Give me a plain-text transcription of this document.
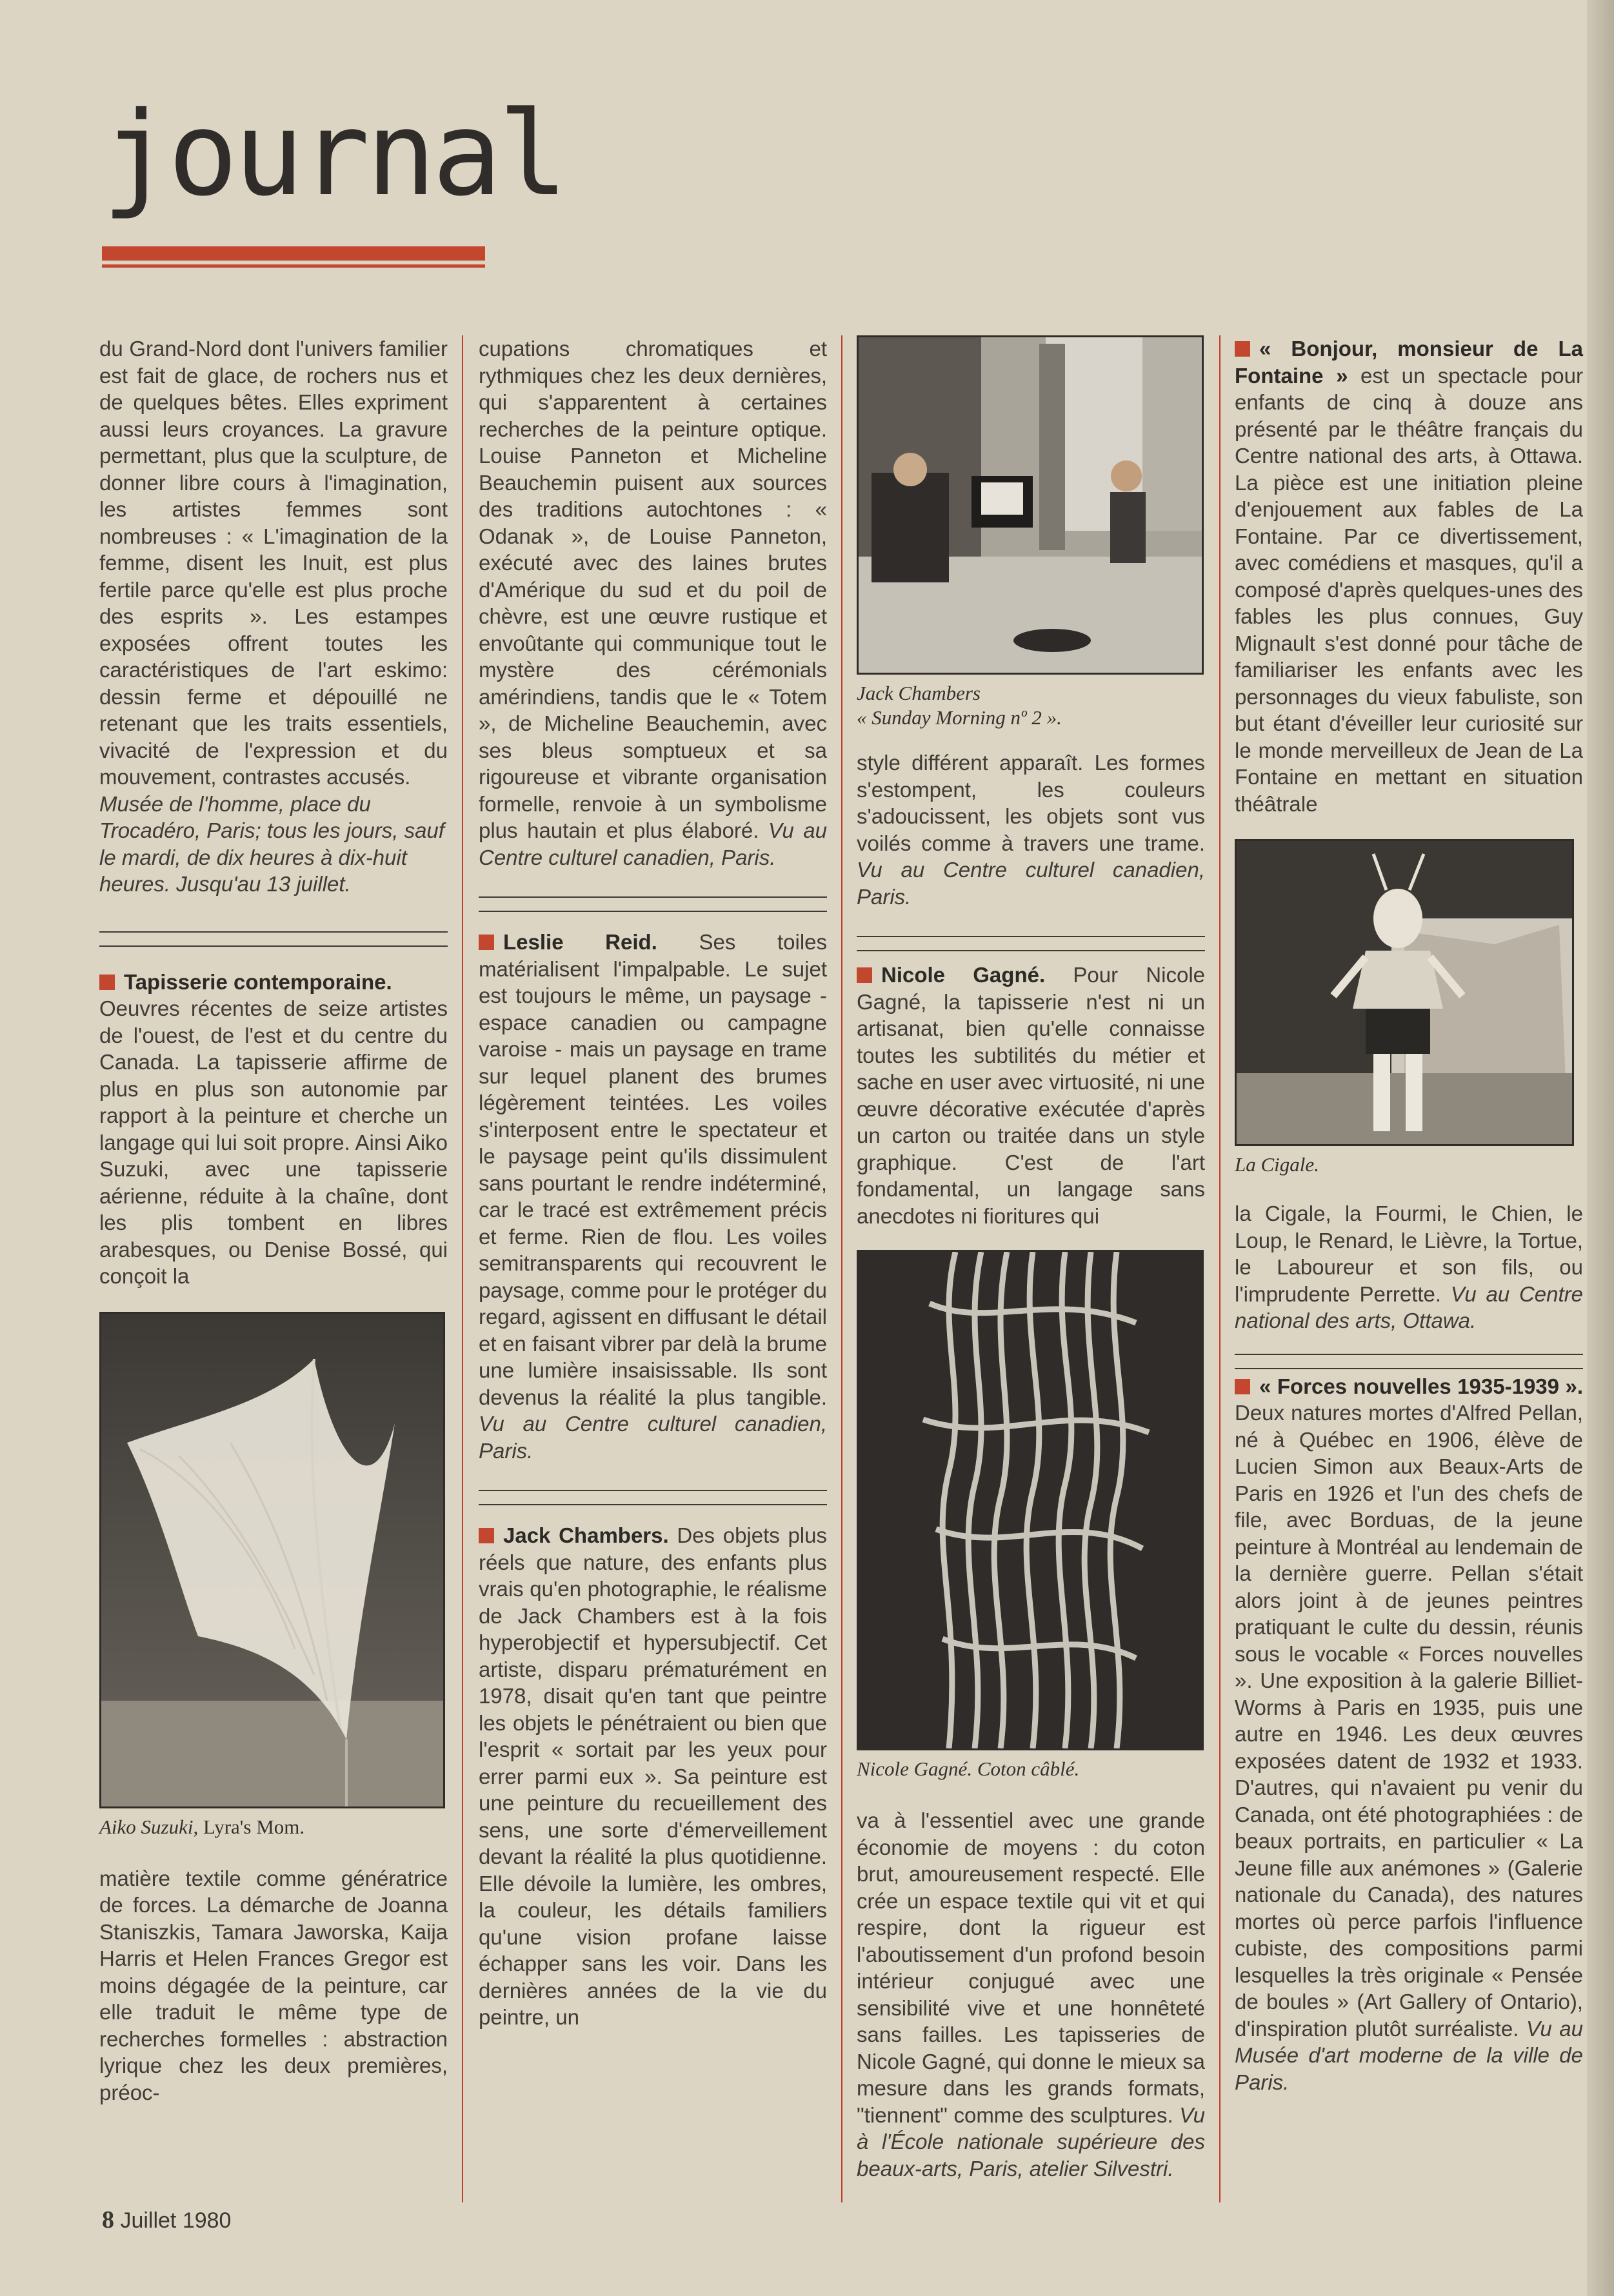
journal

du Grand-Nord dont l'univers familier est fait de glace, de rochers nus et de quelques bêtes. Elles expriment aussi leurs croyances. La gravure permettant, plus que la sculpture, de donner libre cours à l'imagination, les artistes femmes sont nombreuses : « L'imagination de la femme, disent les Inuit, est plus fertile parce qu'elle est plus proche des esprits ». Les estampes exposées offrent toutes les caractéristiques de l'art eskimo: dessin ferme et dépouillé ne retenant que les traits essentiels, vivacité de l'expression et du mouvement, contrastes accusés.

Musée de l'homme, place du Trocadéro, Paris; tous les jours, sauf le mardi, de dix heures à dix-huit heures. Jusqu'au 13 juillet.

Tapisserie contemporaine.
Oeuvres récentes de seize artistes de l'ouest, de l'est et du centre du Canada. La tapisserie affirme de plus en plus son autonomie par rapport à la peinture et cherche un langage qui lui soit propre. Ainsi Aiko Suzuki, avec une tapisserie aérienne, réduite à la chaîne, dont les plis tombent en libres arabesques, ou Denise Bossé, qui conçoit la

Aiko Suzuki, Lyra's Mom.

matière textile comme génératrice de forces. La démarche de Joanna Staniszkis, Tamara Jaworska, Kaija Harris et Helen Frances Gregor est moins dégagée de la peinture, car elle traduit le même type de recherches formelles : abstraction lyrique chez les deux premières, préoc-

cupations chromatiques et rythmiques chez les deux dernières, qui s'apparentent à certaines recherches de la peinture optique. Louise Panneton et Micheline Beauchemin puisent aux sources des traditions autochtones : « Odanak », de Louise Panneton, exécuté avec des laines brutes d'Amérique du sud et du poil de chèvre, est une œuvre rustique et envoûtante qui communique tout le mystère des cérémonials amérindiens, tandis que le « Totem », de Micheline Beauchemin, avec ses bleus somptueux et sa rigoureuse et vibrante organisation formelle, renvoie à un symbolisme plus hautain et plus élaboré. Vu au Centre culturel canadien, Paris.

Leslie Reid. Ses toiles matérialisent l'impalpable. Le sujet est toujours le même, un paysage - espace canadien ou campagne varoise - mais un paysage en trame sur lequel planent des brumes légèrement teintées. Les voiles s'interposent entre le spectateur et le paysage peint qu'ils dissimulent sans pourtant le rendre indéterminé, car le tracé est extrêmement précis et ferme. Rien de flou. Les voiles semitransparents qui recouvrent le paysage, comme pour le protéger du regard, agissent en diffusant le détail et en faisant vibrer par delà la brume une lumière insaisissable. Ils sont devenus la réalité la plus tangible. Vu au Centre culturel canadien, Paris.

Jack Chambers. Des objets plus réels que nature, des enfants plus vrais qu'en photographie, le réalisme de Jack Chambers est à la fois hyperobjectif et hypersubjectif. Cet artiste, disparu prématurément en 1978, disait qu'en tant que peintre les objets le pénétraient ou bien que l'esprit « sortait par les yeux pour errer parmi eux ». Sa peinture est une peinture du recueillement des sens, une sorte d'émerveillement devant la réalité la plus quotidienne. Elle dévoile la lumière, les ombres, la couleur, les détails familiers qu'une vision profane laisse échapper sans les voir. Dans les dernières années de la vie du peintre, un

Jack Chambers
« Sunday Morning nº 2 ».

style différent apparaît. Les formes s'estompent, les couleurs s'adoucissent, les objets sont vus voilés comme à travers une trame. Vu au Centre culturel canadien, Paris.

Nicole Gagné. Pour Nicole Gagné, la tapisserie n'est ni un artisanat, bien qu'elle connaisse toutes les subtilités du métier et sache en user avec virtuosité, ni une œuvre décorative exécutée d'après un carton ou traitée dans un style graphique. C'est de l'art fondamental, un langage sans anecdotes ni fioritures qui

Nicole Gagné. Coton câblé.

va à l'essentiel avec une grande économie de moyens : du coton brut, amoureusement respecté. Elle crée un espace textile qui vit et qui respire, dont la rigueur est l'aboutissement d'un profond besoin intérieur conjugué avec une sensibilité vive et une honnêteté sans failles. Les tapisseries de Nicole Gagné, qui donne le mieux sa mesure dans les grands formats, "tiennent" comme des sculptures. Vu à l'École nationale supérieure des beaux-arts, Paris, atelier Silvestri.

« Bonjour, monsieur de La Fontaine » est un spectacle pour enfants de cinq à douze ans présenté par le théâtre français du Centre national des arts, à Ottawa. La pièce est une initiation pleine d'enjouement aux fables de La Fontaine. Par ce divertissement, avec comédiens et masques, qu'il a composé d'après quelques-unes des fables les plus connues, Guy Mignault s'est donné pour tâche de familiariser les enfants avec les personnages du vieux fabuliste, son but étant d'éveiller leur curiosité sur le monde merveilleux de Jean de La Fontaine en mettant en situation théâtrale

La Cigale.

la Cigale, la Fourmi, le Chien, le Loup, le Renard, le Lièvre, la Tortue, le Laboureur et son fils, ou l'imprudente Perrette. Vu au Centre national des arts, Ottawa.

« Forces nouvelles 1935-1939 ». Deux natures mortes d'Alfred Pellan, né à Québec en 1906, élève de Lucien Simon aux Beaux-Arts de Paris en 1926 et l'un des chefs de file, avec Borduas, de la jeune peinture à Montréal au lendemain de la dernière guerre. Pellan s'était alors joint à de jeunes peintres pratiquant le culte du dessin, réunis sous le vocable « Forces nouvelles ». Une exposition à la galerie Billiet-Worms à Paris en 1935, puis une autre en 1946. Les deux œuvres exposées datent de 1932 et 1933. D'autres, qui n'avaient pu venir du Canada, ont été photographiées : de beaux portraits, en particulier « La Jeune fille aux anémones » (Galerie nationale du Canada), des natures mortes où perce parfois l'influence cubiste, des compositions parmi lesquelles la très originale « Pensée de boules » (Art Gallery of Ontario), d'inspiration plutôt surréaliste. Vu au Musée d'art moderne de la ville de Paris.

8 Juillet 1980
